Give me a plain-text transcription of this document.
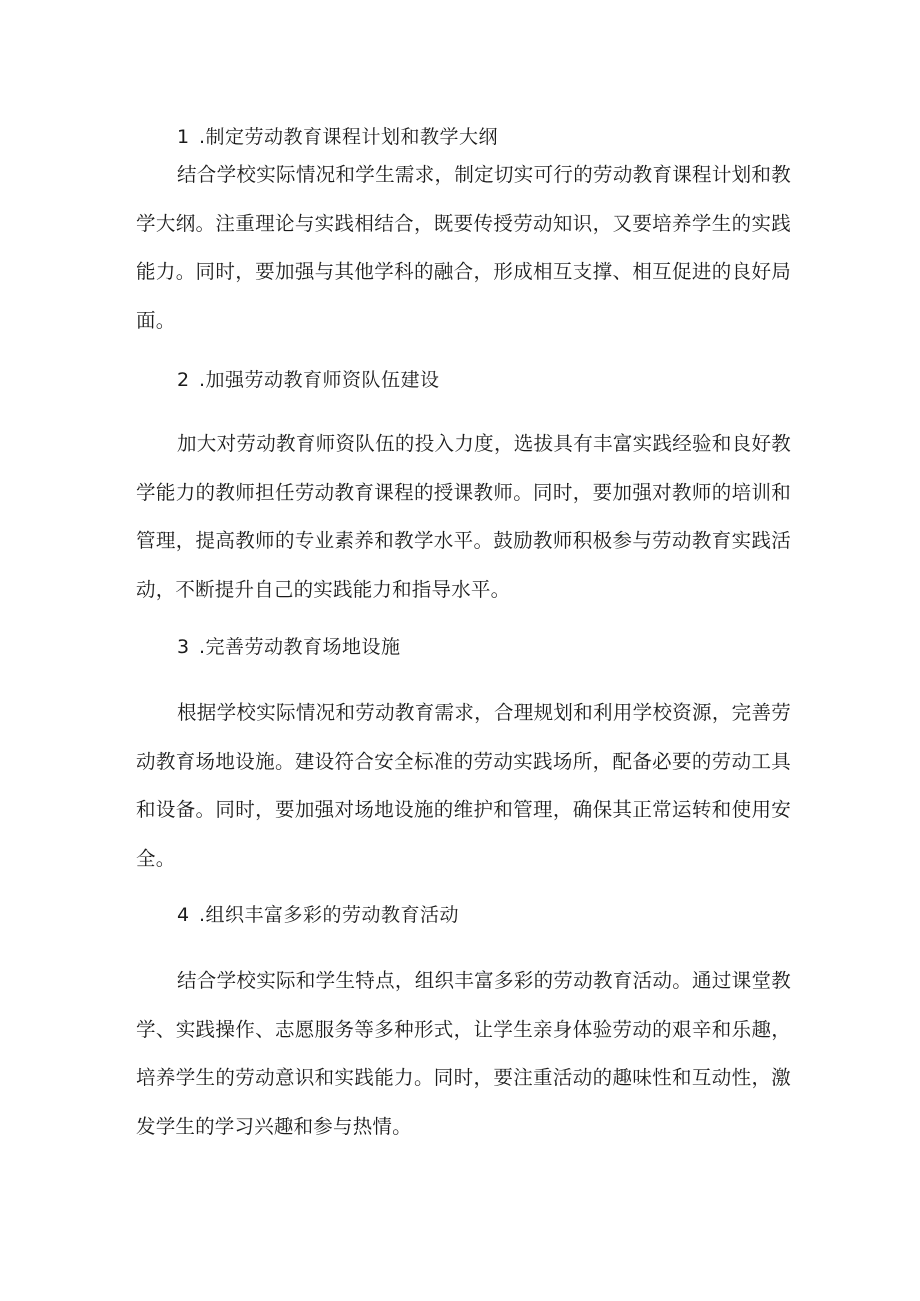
1 .制定劳动教育课程计划和教学大纲

结合学校实际情况和学生需求，制定切实可行的劳动教育课程计划和教学大纲。注重理论与实践相结合，既要传授劳动知识，又要培养学生的实践能力。同时，要加强与其他学科的融合，形成相互支撑、相互促进的良好局面。

2 .加强劳动教育师资队伍建设

加大对劳动教育师资队伍的投入力度，选拔具有丰富实践经验和良好教学能力的教师担任劳动教育课程的授课教师。同时，要加强对教师的培训和管理，提高教师的专业素养和教学水平。鼓励教师积极参与劳动教育实践活动，不断提升自己的实践能力和指导水平。

3 .完善劳动教育场地设施

根据学校实际情况和劳动教育需求，合理规划和利用学校资源，完善劳动教育场地设施。建设符合安全标准的劳动实践场所，配备必要的劳动工具和设备。同时，要加强对场地设施的维护和管理，确保其正常运转和使用安全。

4 .组织丰富多彩的劳动教育活动

结合学校实际和学生特点，组织丰富多彩的劳动教育活动。通过课堂教学、实践操作、志愿服务等多种形式，让学生亲身体验劳动的艰辛和乐趣，培养学生的劳动意识和实践能力。同时，要注重活动的趣味性和互动性，激发学生的学习兴趣和参与热情。
